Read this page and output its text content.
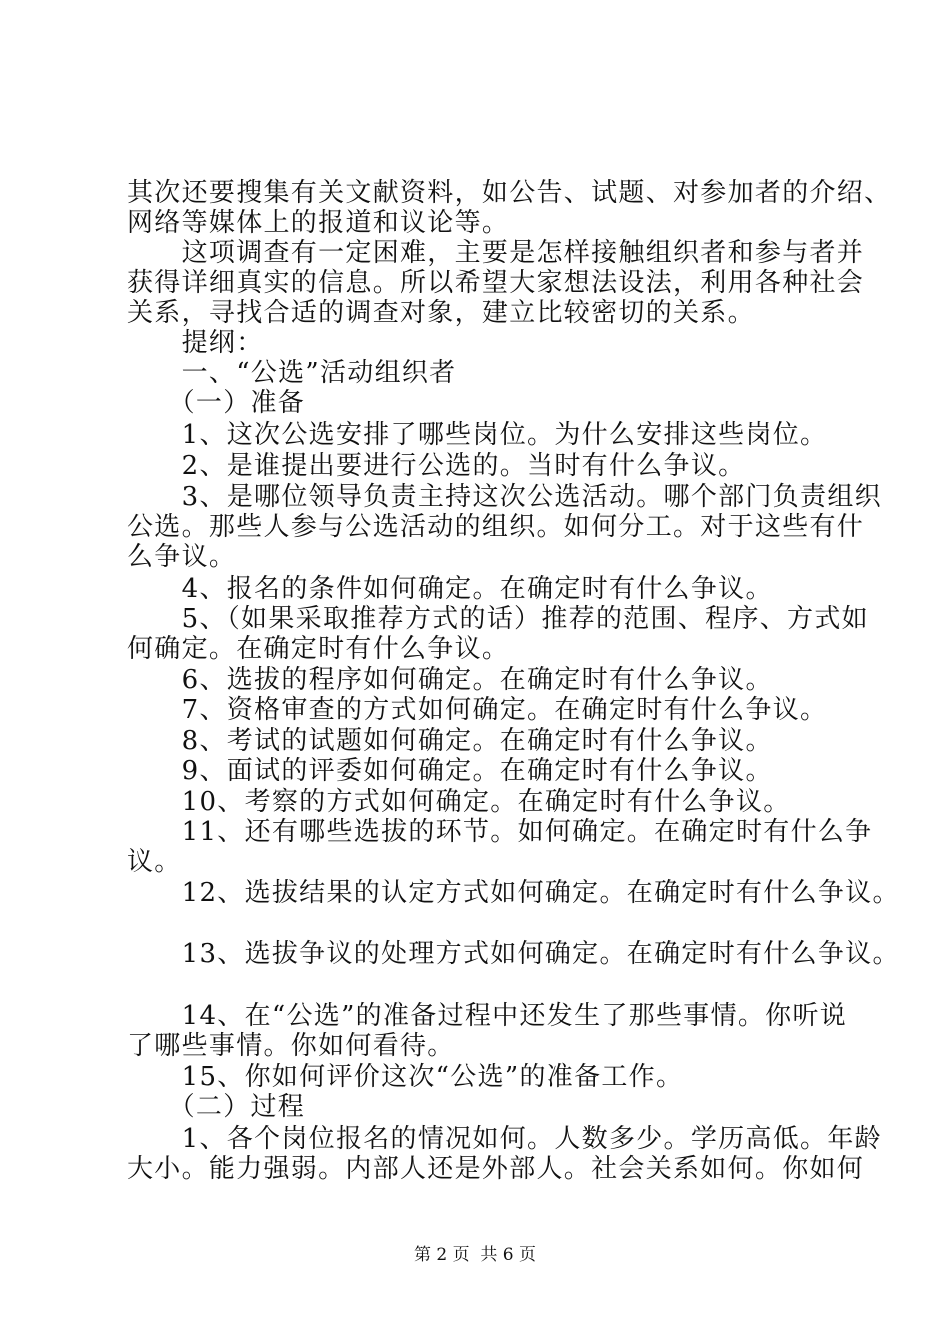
其次还要搜集有关文献资料，如公告、试题、对参加者的介绍、
网络等媒体上的报道和议论等。
　　这项调查有一定困难，主要是怎样接触组织者和参与者并
获得详细真实的信息。所以希望大家想法设法，利用各种社会
关系，寻找合适的调查对象，建立比较密切的关系。
　　提纲：
　　一、“公选”活动组织者
　　（一）准备
　　1、这次公选安排了哪些岗位。为什么安排这些岗位。
　　2、是谁提出要进行公选的。当时有什么争议。
　　3、是哪位领导负责主持这次公选活动。哪个部门负责组织
公选。那些人参与公选活动的组织。如何分工。对于这些有什
么争议。
　　4、报名的条件如何确定。在确定时有什么争议。
　　5、（如果采取推荐方式的话）推荐的范围、程序、方式如
何确定。在确定时有什么争议。
　　6、选拔的程序如何确定。在确定时有什么争议。
　　7、资格审查的方式如何确定。在确定时有什么争议。
　　8、考试的试题如何确定。在确定时有什么争议。
　　9、面试的评委如何确定。在确定时有什么争议。
　　10、考察的方式如何确定。在确定时有什么争议。
　　11、还有哪些选拔的环节。如何确定。在确定时有什么争
议。
　　12、选拔结果的认定方式如何确定。在确定时有什么争议。
　　13、选拔争议的处理方式如何确定。在确定时有什么争议。
　　14、在“公选”的准备过程中还发生了那些事情。你听说
了哪些事情。你如何看待。
　　15、你如何评价这次“公选”的准备工作。
　　（二）过程
　　1、各个岗位报名的情况如何。人数多少。学历高低。年龄
大小。能力强弱。内部人还是外部人。社会关系如何。你如何
第 2 页  共 6 页
